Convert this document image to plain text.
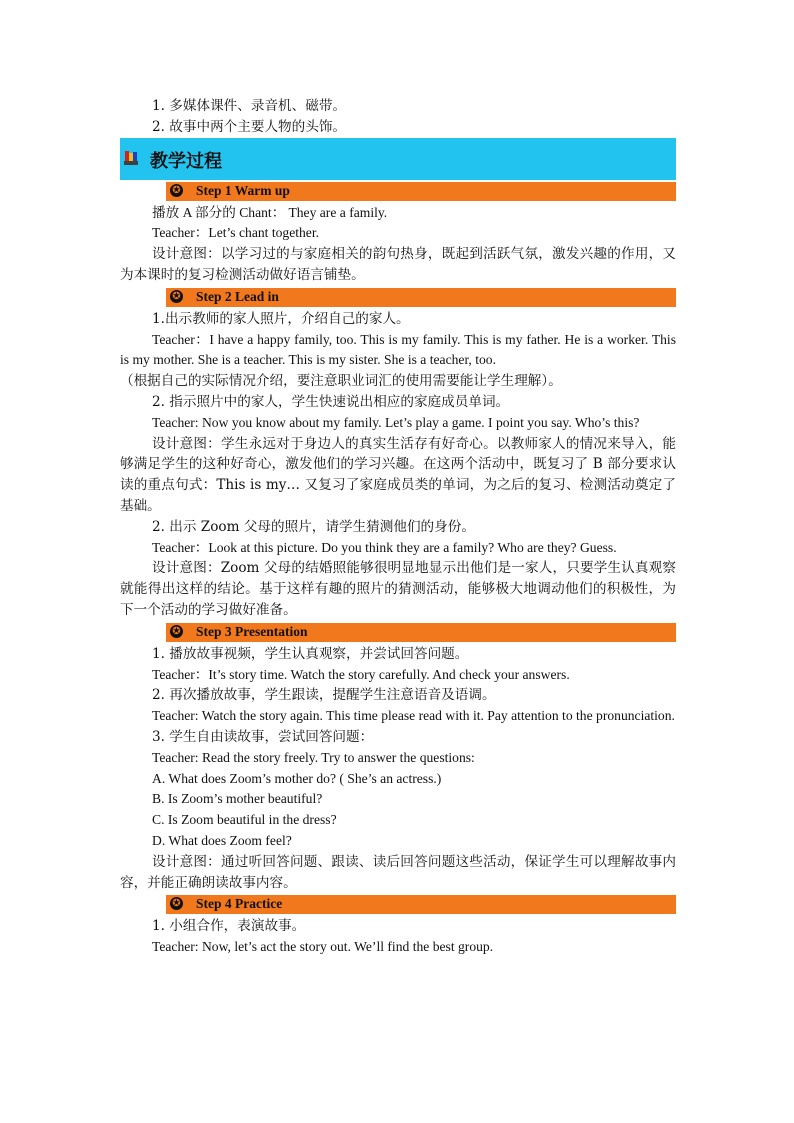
1. 多媒体课件、录音机、磁带。
2. 故事中两个主要人物的头饰。
教学过程
✪ Step 1 Warm up
播放 A 部分的 Chant： They are a family.
Teacher：Let’s chant together.
设计意图：以学习过的与家庭相关的韵句热身，既起到活跃气氛，激发兴趣的作用，又为本课时的复习检测活动做好语言铺垫。
✪ Step 2 Lead in
1.出示教师的家人照片，介绍自己的家人。
Teacher：I have a happy family, too. This is my family. This is my father. He is a worker. This is my mother. She is a teacher. This is my sister. She is a teacher, too.
（根据自己的实际情况介绍，要注意职业词汇的使用需要能让学生理解）。
2. 指示照片中的家人，学生快速说出相应的家庭成员单词。
Teacher: Now you know about my family. Let’s play a game. I point you say. Who’s this?
设计意图：学生永远对于身边人的真实生活存有好奇心。以教师家人的情况来导入，能够满足学生的这种好奇心，激发他们的学习兴趣。在这两个活动中，既复习了 B 部分要求认读的重点句式：This is my… 又复习了家庭成员类的单词，为之后的复习、检测活动奠定了基础。
2. 出示 Zoom 父母的照片，请学生猜测他们的身份。
Teacher：Look at this picture. Do you think they are a family? Who are they? Guess.
设计意图：Zoom 父母的结婚照能够很明显地显示出他们是一家人，只要学生认真观察就能得出这样的结论。基于这样有趣的照片的猜测活动，能够极大地调动他们的积极性，为下一个活动的学习做好准备。
✪ Step 3 Presentation
1. 播放故事视频，学生认真观察，并尝试回答问题。
Teacher：It’s story time. Watch the story carefully. And check your answers.
2. 再次播放故事，学生跟读，提醒学生注意语音及语调。
Teacher: Watch the story again. This time please read with it. Pay attention to the pronunciation.
3. 学生自由读故事，尝试回答问题：
Teacher: Read the story freely. Try to answer the questions:
A. What does Zoom’s mother do? ( She’s an actress.)
B. Is Zoom’s mother beautiful?
C. Is Zoom beautiful in the dress?
D. What does Zoom feel?
设计意图：通过听回答问题、跟读、读后回答问题这些活动，保证学生可以理解故事内容，并能正确朗读故事内容。
✪ Step 4 Practice
1. 小组合作，表演故事。
Teacher: Now, let’s act the story out. We’ll find the best group.
